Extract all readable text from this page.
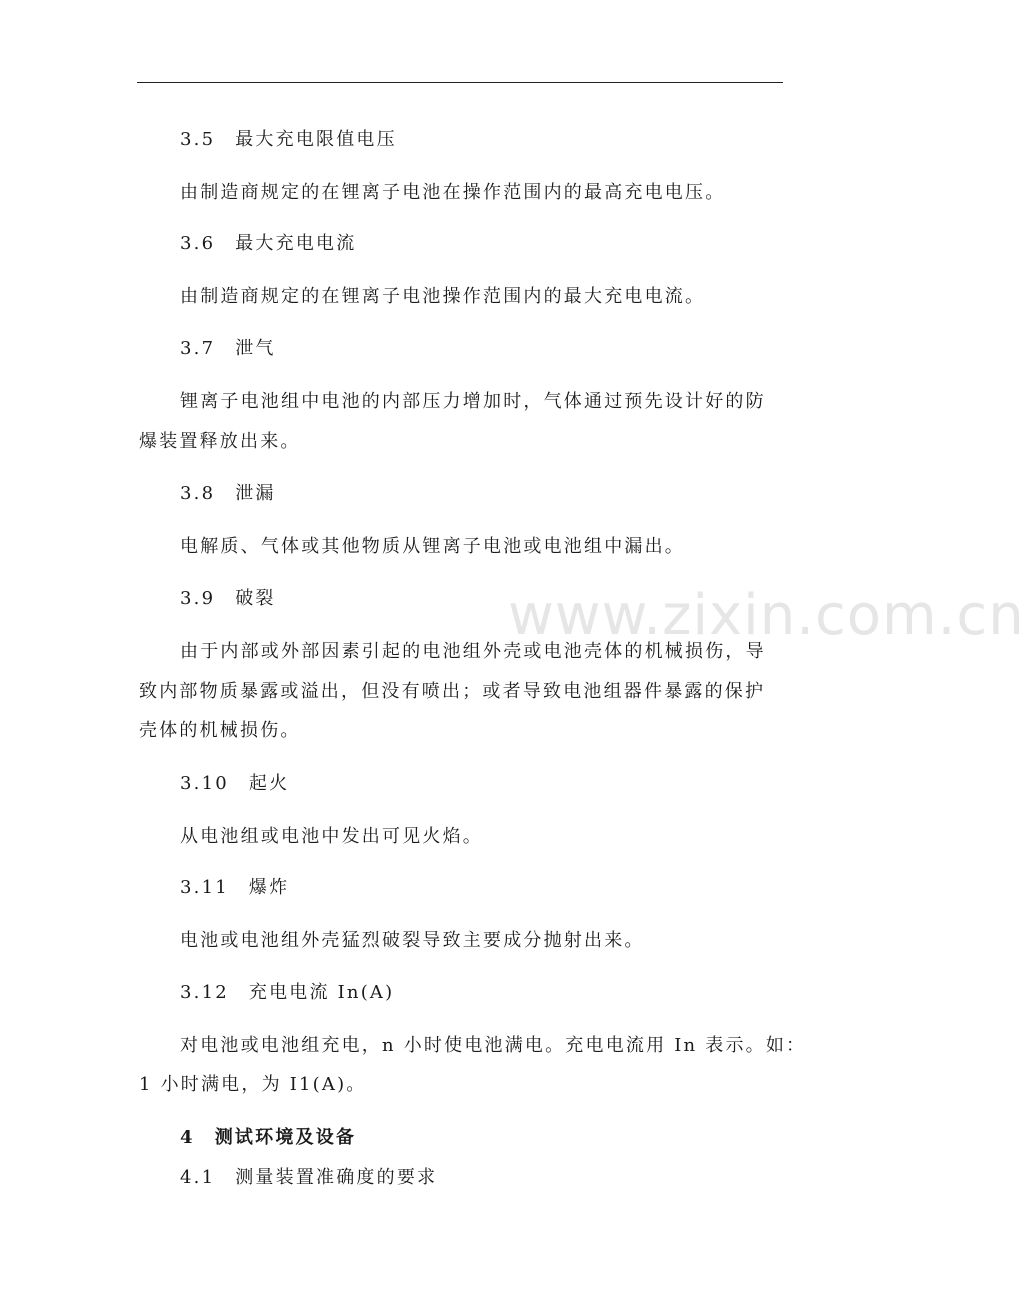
www.zixin.com.cn
3.5 最大充电限值电压
由制造商规定的在锂离子电池在操作范围内的最高充电电压。
3.6 最大充电电流
由制造商规定的在锂离子电池操作范围内的最大充电电流。
3.7 泄气
锂离子电池组中电池的内部压力增加时，气体通过预先设计好的防
爆装置释放出来。
3.8 泄漏
电解质、气体或其他物质从锂离子电池或电池组中漏出。
3.9 破裂
由于内部或外部因素引起的电池组外壳或电池壳体的机械损伤，导
致内部物质暴露或溢出，但没有喷出；或者导致电池组器件暴露的保护
壳体的机械损伤。
3.10 起火
从电池组或电池中发出可见火焰。
3.11 爆炸
电池或电池组外壳猛烈破裂导致主要成分抛射出来。
3.12 充电电流 In(A)
对电池或电池组充电，n 小时使电池满电。充电电流用 In 表示。如：
1 小时满电，为 I1(A)。
4 测试环境及设备
4.1 测量装置准确度的要求
